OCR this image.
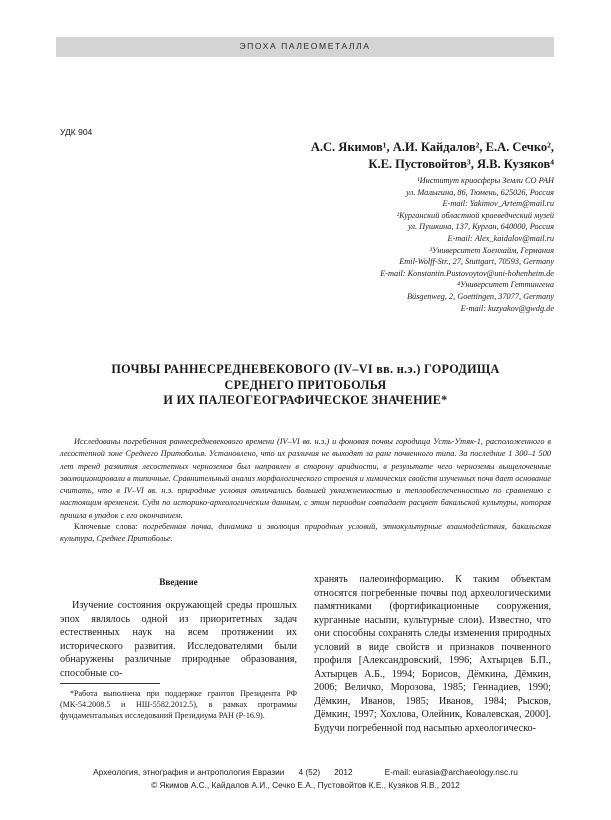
ЭПОХА ПАЛЕОМЕТАЛЛА
УДК 904
А.С. Якимов¹, А.И. Кайдалов², Е.А. Сечко²,
К.Е. Пустовойтов³, Я.В. Кузяков⁴
¹Институт криосферы Земли СО РАН
ул. Малыгина, 86, Тюмень, 625026, Россия
E-mail: Yakimov_Artem@mail.ru
²Курганский областной краеведческий музей
ул. Пушкина, 137, Курган, 640000, Россия
E-mail: Alex_kaidalov@mail.ru
³Университет Хоенхайм, Германия
Emil-Wolff-Str., 27, Stuttgart, 70593, Germany
E-mail: Konstantin.Pustovoytov@uni-hohenheim.de
⁴Университет Геттингена
Büsgenweg, 2, Goettingen, 37077, Germany
E-mail: kuzyakov@gwdg.de
ПОЧВЫ РАННЕСРЕДНЕВЕКОВОГО (IV–VI вв. н.э.) ГОРОДИЩА
СРЕДНЕГО ПРИТОБОЛЬЯ
И ИХ ПАЛЕОГЕОГРАФИЧЕСКОЕ ЗНАЧЕНИЕ*

Исследованы погребенная раннесредневекового времени (IV–VI вв. н.э.) и фоновая почвы городища Усть-Утяк-1, расположенного в лесостепной зоне Среднего Притоболья. Установлено, что их различия не выходят за ранг почвенного типа. За последние 1 300–1 500 лет тренд развития лесостепных черноземов был направлен в сторону аридности, в результате чего черноземы выщелоченные эволюционировали в типичные. Сравнительный анализ морфологического строения и химических свойств изученных почв дает основание считать, что в IV–VI вв. н.э. природные условия отличались большей увлажненностью и теплообеспеченностью по сравнению с настоящим временем. Судя по историко-археологическим данным, с этим периодом совпадает расцвет бакальской культуры, которая пришла в упадок с его окончанием.

Ключевые слова: погребенная почва, динамика и эволюция природных условий, этнокультурные взаимодействия, бакальская культура, Среднее Притоболье.

Введение

Изучение состояния окружающей среды прошлых эпох являлось одной из приоритетных задач естественных наук на всем протяжении их исторического развития. Исследователями были обнаружены различные природные образования, способные со-

хранять палеоинформацию. К таким объектам относятся погребенные почвы под археологическими памятниками (фортификационные сооружения, курганные насыпи, культурные слои). Известно, что они способны сохранять следы изменения природных условий в виде свойств и признаков почвенного профиля [Александровский, 1996; Ахтырцев Б.П., Ахтырцев А.Б., 1994; Борисов, Дёмкина, Дёмкин, 2006; Величко, Морозова, 1985; Геннадиев, 1990; Дёмкин, Иванов, 1985; Иванов, 1984; Рысков, Дёмкин, 1997; Хохлова, Олейник, Ковалевская, 2000]. Будучи погребенной под насыпью археологическо-

*Работа выполнена при поддержке грантов Президента РФ (МК-54.2008.5 и НШ-5582.2012.5), в рамках программы фундаментальных исследований Президиума РАН (Р-16.9).

Археология, этнография и антропология Евразии 4 (52) 2012	E-mail: eurasia@archaeology.nsc.ru
© Якимов А.С., Кайдалов А.И., Сечко Е.А., Пустовойтов К.Е., Кузяков Я.В., 2012
